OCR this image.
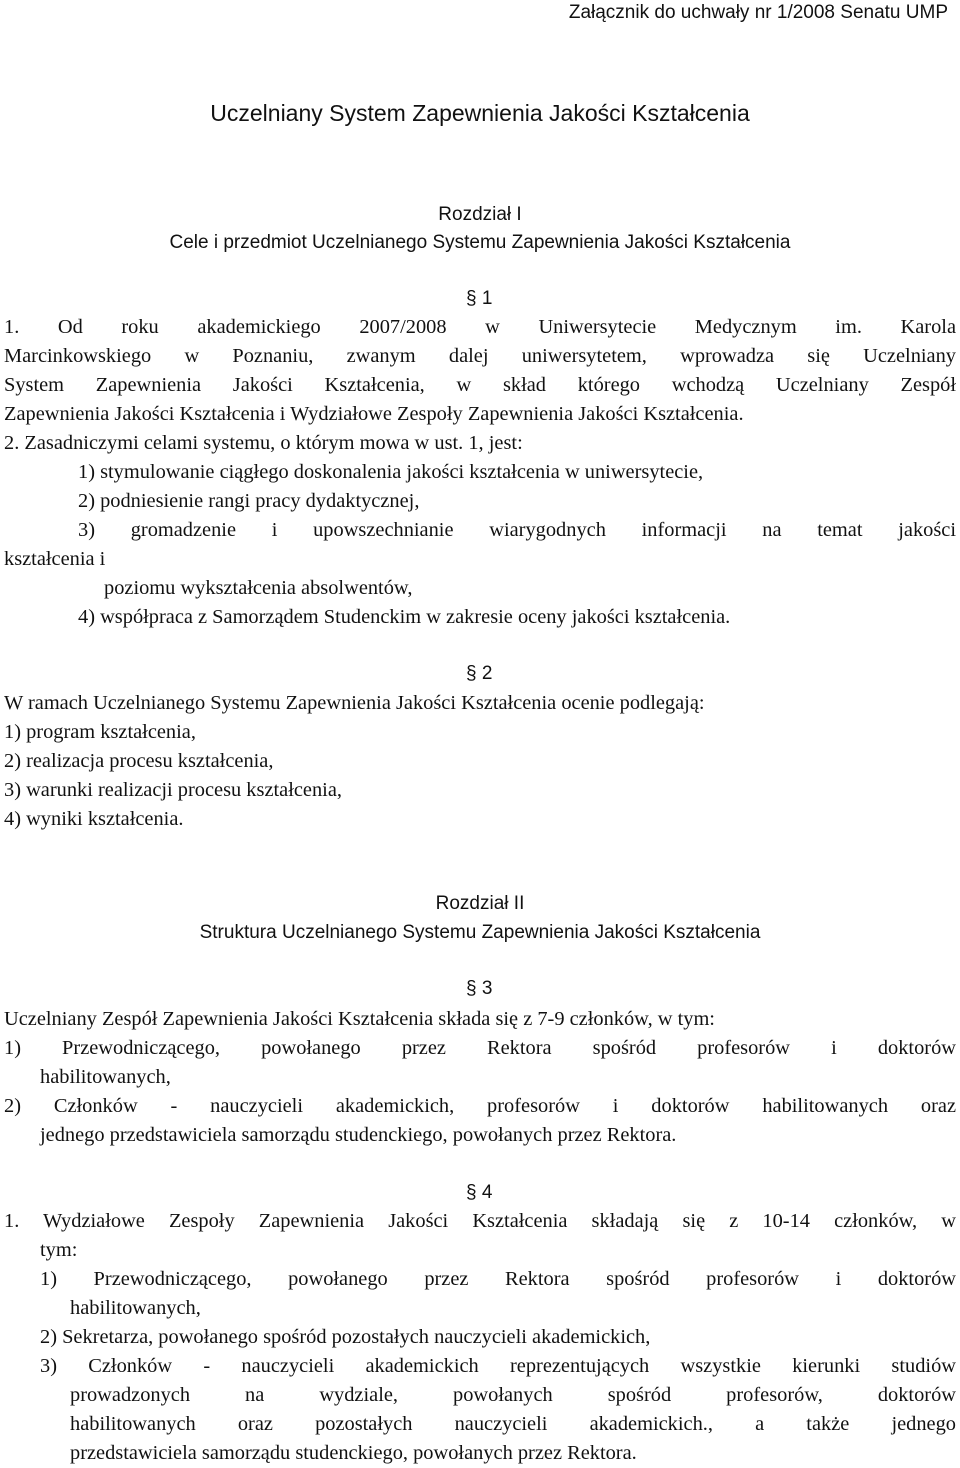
Załącznik do uchwały nr 1/2008 Senatu UMP
Uczelniany System Zapewnienia Jakości Kształcenia
Rozdział I
Cele i przedmiot Uczelnianego Systemu Zapewnienia Jakości Kształcenia
§ 1
1. Od roku akademickiego 2007/2008 w Uniwersytecie Medycznym im. Karola
Marcinkowskiego w Poznaniu, zwanym dalej uniwersytetem, wprowadza się Uczelniany
System Zapewnienia Jakości Kształcenia, w skład którego wchodzą Uczelniany Zespół
Zapewnienia Jakości Kształcenia i Wydziałowe Zespoły Zapewnienia Jakości Kształcenia.
2. Zasadniczymi celami systemu, o którym mowa w ust. 1, jest:
1) stymulowanie ciągłego doskonalenia jakości kształcenia w uniwersytecie,
2) podniesienie rangi pracy dydaktycznej,
3) gromadzenie i upowszechnianie wiarygodnych informacji na temat jakości
kształcenia i
poziomu wykształcenia absolwentów,
4) współpraca z Samorządem Studenckim w zakresie oceny jakości kształcenia.
§ 2
W ramach Uczelnianego Systemu Zapewnienia Jakości Kształcenia ocenie podlegają:
1) program kształcenia,
2) realizacja procesu kształcenia,
3) warunki realizacji procesu kształcenia,
4) wyniki kształcenia.
Rozdział II
Struktura Uczelnianego Systemu Zapewnienia Jakości Kształcenia
§ 3
Uczelniany Zespół Zapewnienia Jakości Kształcenia składa się z 7-9 członków, w tym:
1) Przewodniczącego, powołanego przez Rektora spośród profesorów i doktorów
habilitowanych,
2) Członków - nauczycieli akademickich, profesorów i doktorów habilitowanych oraz
jednego przedstawiciela samorządu studenckiego, powołanych przez Rektora.
§ 4
1. Wydziałowe Zespoły Zapewnienia Jakości Kształcenia składają się z 10-14 członków, w
tym:
1) Przewodniczącego, powołanego przez Rektora spośród profesorów i doktorów
habilitowanych,
2) Sekretarza, powołanego spośród pozostałych nauczycieli akademickich,
3) Członków - nauczycieli akademickich reprezentujących wszystkie kierunki studiów
prowadzonych na wydziale, powołanych spośród profesorów, doktorów
habilitowanych oraz pozostałych nauczycieli akademickich., a także jednego
przedstawiciela samorządu studenckiego, powołanych przez Rektora.
